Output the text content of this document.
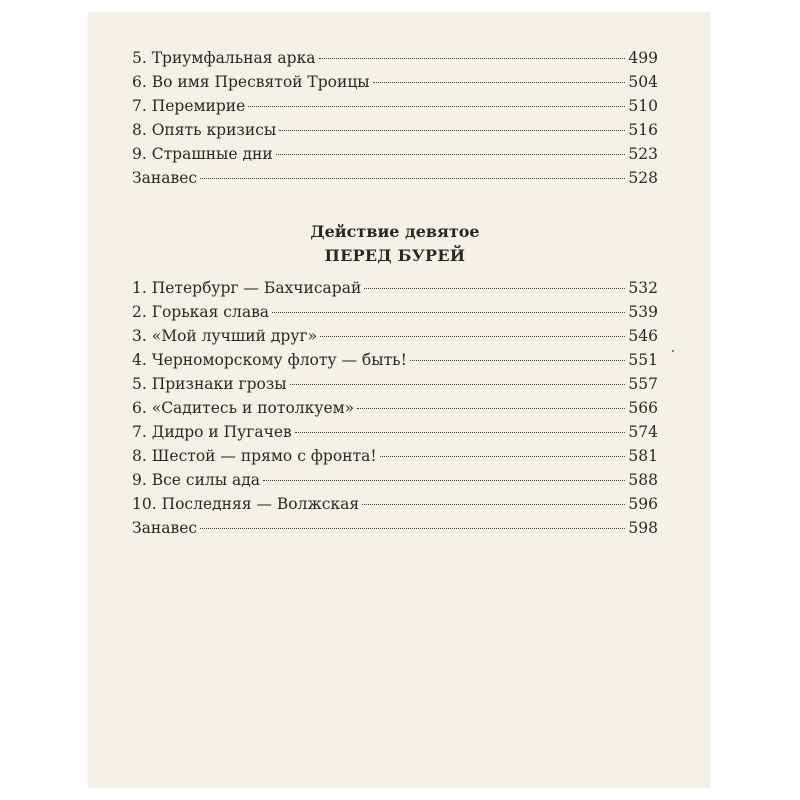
5. Триумфальная арка	499
6. Во имя Пресвятой Троицы	504
7. Перемирие	510
8. Опять кризисы	516
9. Страшные дни	523
Занавес	528
Действие девятое
ПЕРЕД БУРЕЙ
1. Петербург — Бахчисарай	532
2. Горькая слава	539
3. «Мой лучший друг»	546
4. Черноморскому флоту — быть!	551
5. Признаки грозы	557
6. «Садитесь и потолкуем»	566
7. Дидро и Пугачев	574
8. Шестой — прямо с фронта!	581
9. Все силы ада	588
10. Последняя — Волжская	596
Занавес	598
